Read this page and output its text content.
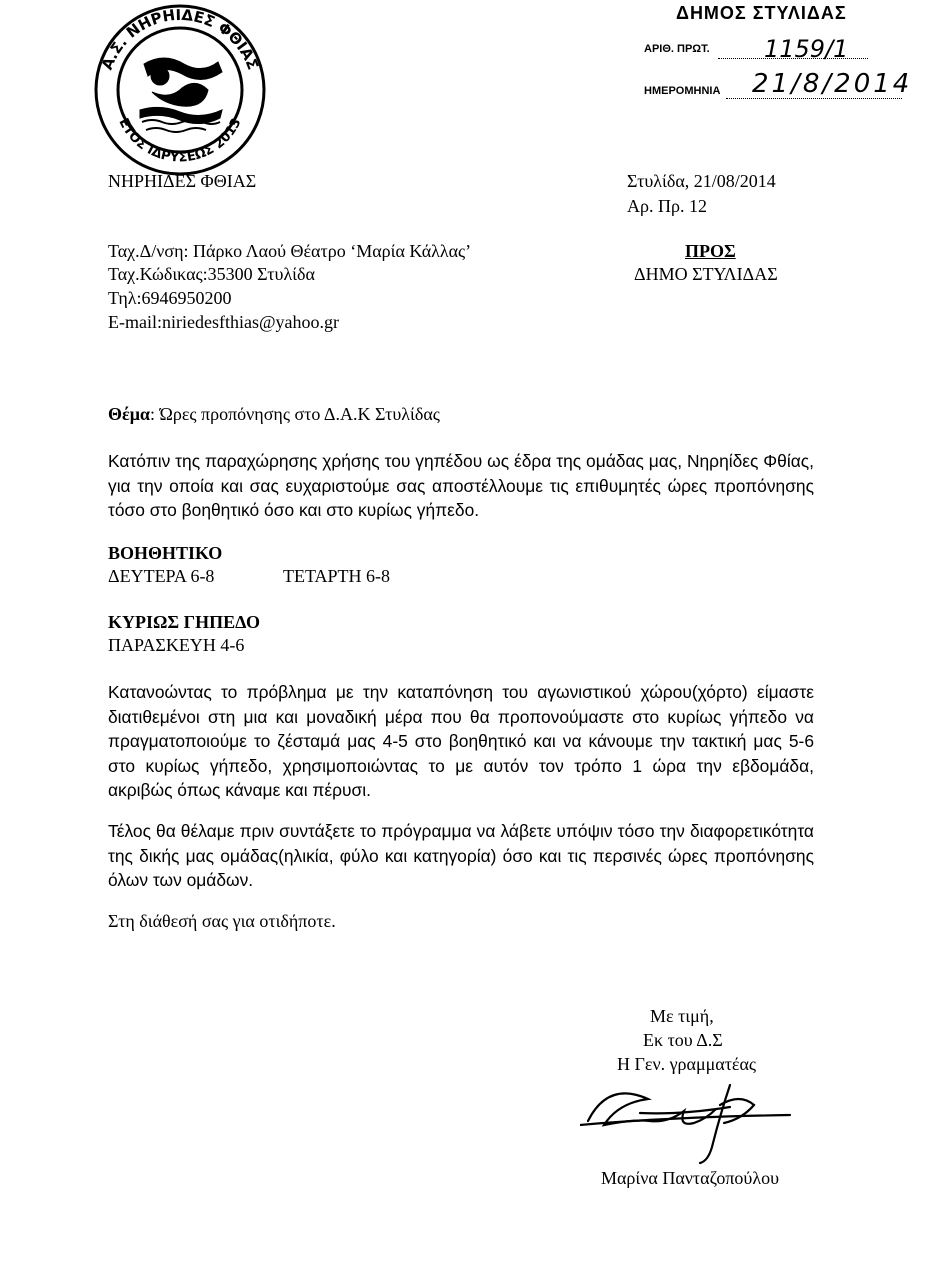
Α.Σ. ΝΗΡΗΙΔΕΣ ΦΘΙΑΣ
ΕΤΟΣ ΙΔΡΥΣΕΩΣ 2013
ΔΗΜΟΣ ΣΤΥΛΙΔΑΣ
ΑΡΙΘ. ΠΡΩΤ. 1159/1
ΗΜΕΡΟΜΗΝΙΑ 21/8/2014
ΝΗΡΗΙΔΕΣ ΦΘΙΑΣ	Στυλίδα, 21/08/2014
Αρ. Πρ. 12
Ταχ.Δ/νση: Πάρκο Λαού Θέατρο ‘Μαρία Κάλλας’
Ταχ.Κώδικας:35300 Στυλίδα
Τηλ:6946950200
E-mail:niriedesfthias@yahoo.gr
ΠΡΟΣ
ΔΗΜΟ ΣΤΥΛΙΔΑΣ
Θέμα: Ώρες προπόνησης στο Δ.Α.Κ Στυλίδας
Κατόπιν της παραχώρησης χρήσης του γηπέδου ως έδρα της ομάδας μας, Νηρηίδες Φθίας, για την οποία και σας ευχαριστούμε σας αποστέλλουμε τις επιθυμητές ώρες προπόνησης τόσο στο βοηθητικό όσο και στο κυρίως γήπεδο.
ΒΟΗΘΗΤΙΚΟ
ΔΕΥΤΕΡΑ 6-8	ΤΕΤΑΡΤΗ 6-8
ΚΥΡΙΩΣ ΓΗΠΕΔΟ
ΠΑΡΑΣΚΕΥΗ 4-6
Κατανοώντας το πρόβλημα με την καταπόνηση του αγωνιστικού χώρου(χόρτο) είμαστε διατιθεμένοι στη μια και μοναδική μέρα που θα προπονούμαστε στο κυρίως γήπεδο να πραγματοποιούμε το ζέσταμά μας 4-5 στο βοηθητικό και να κάνουμε την τακτική μας 5-6 στο κυρίως γήπεδο, χρησιμοποιώντας το με αυτόν τον τρόπο 1 ώρα την εβδομάδα, ακριβώς όπως κάναμε και πέρυσι.
Τέλος θα θέλαμε πριν συντάξετε το πρόγραμμα να λάβετε υπόψιν τόσο την διαφορετικότητα της δικής μας ομάδας(ηλικία, φύλο και κατηγορία) όσο και τις περσινές ώρες προπόνησης όλων των ομάδων.
Στη διάθεσή σας για οτιδήποτε.
Με τιμή,
Εκ του Δ.Σ
Η Γεν. γραμματέας
Μαρίνα Πανταζοπούλου
